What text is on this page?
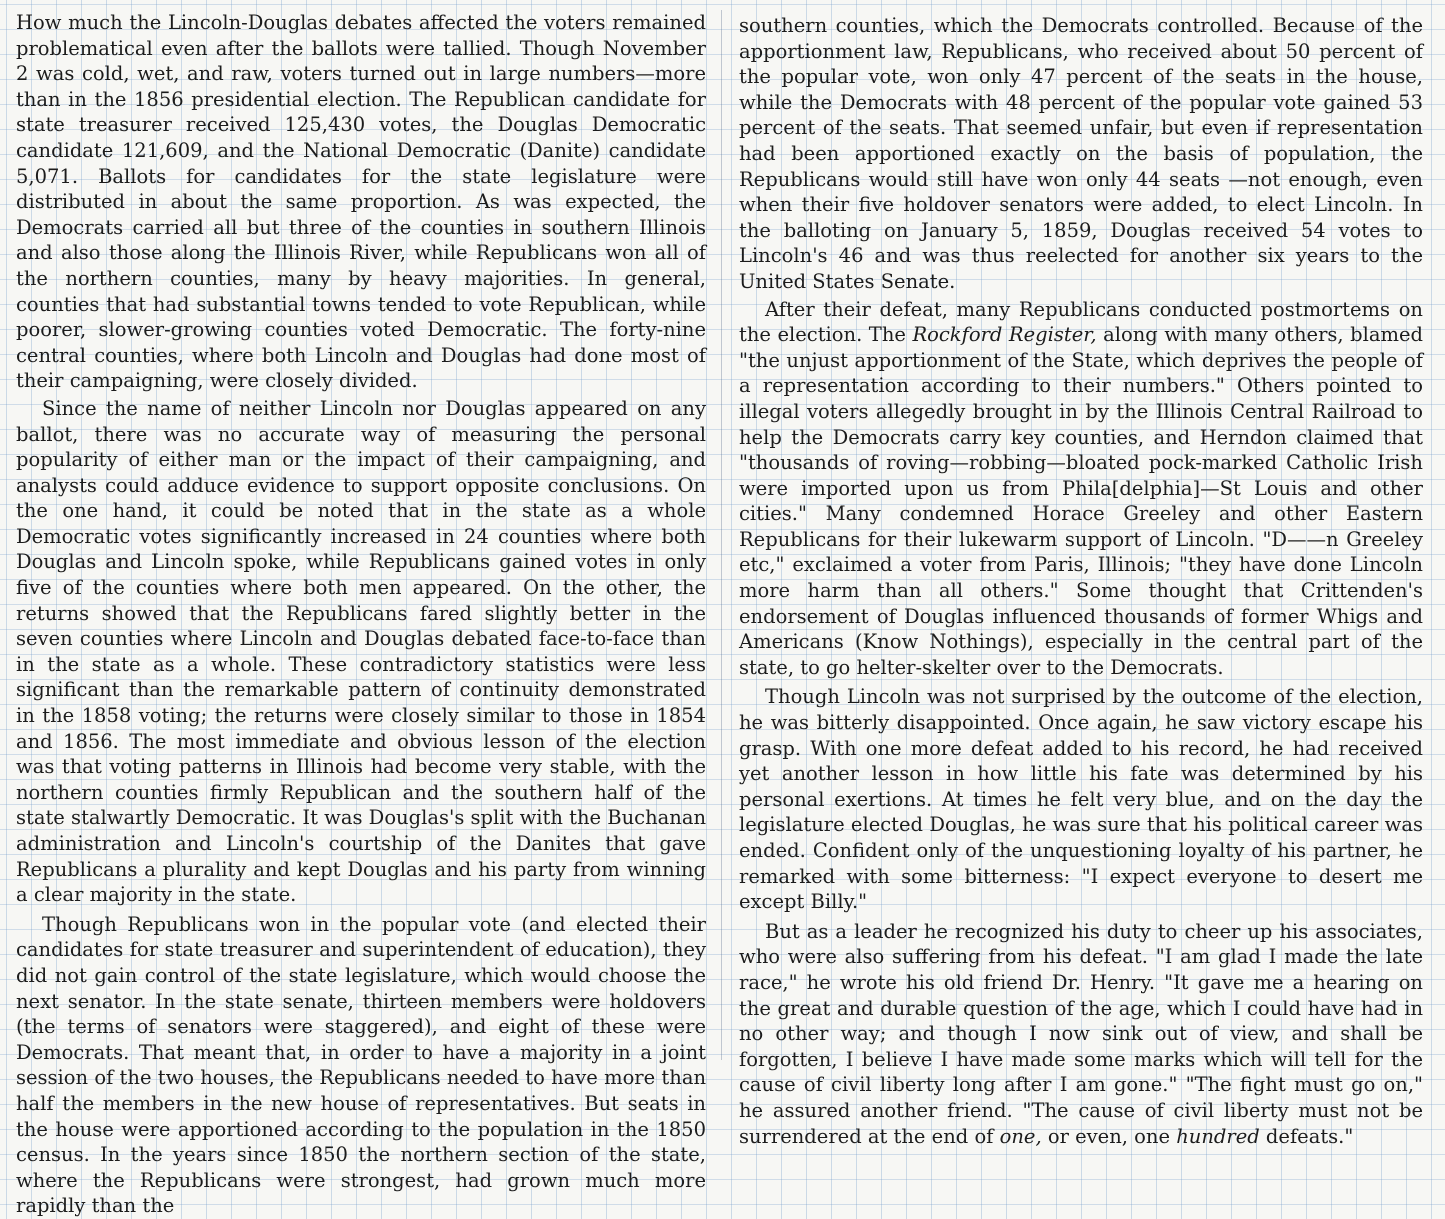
How much the Lincoln-Douglas debates affected the voters remained problematical even after the ballots were tallied. Though November 2 was cold, wet, and raw, voters turned out in large numbers—more than in the 1856 presidential election. The Republican candidate for state treasurer received 125,430 votes, the Douglas Democratic candidate 121,609, and the National Democratic (Danite) candidate 5,071. Ballots for candidates for the state legislature were distributed in about the same proportion. As was expected, the Democrats carried all but three of the counties in southern Illinois and also those along the Illinois River, while Republicans won all of the northern counties, many by heavy majorities. In general, counties that had substantial towns tended to vote Republican, while poorer, slower-growing counties voted Democratic. The forty-nine central counties, where both Lincoln and Douglas had done most of their campaigning, were closely divided.

Since the name of neither Lincoln nor Douglas appeared on any ballot, there was no accurate way of measuring the personal popularity of either man or the impact of their campaigning, and analysts could adduce evidence to support opposite conclusions. On the one hand, it could be noted that in the state as a whole Democratic votes significantly increased in 24 counties where both Douglas and Lincoln spoke, while Republicans gained votes in only five of the counties where both men appeared. On the other, the returns showed that the Republicans fared slightly better in the seven counties where Lincoln and Douglas debated face-to-face than in the state as a whole. These contradictory statistics were less significant than the remarkable pattern of continuity demonstrated in the 1858 voting; the returns were closely similar to those in 1854 and 1856. The most immediate and obvious lesson of the election was that voting patterns in Illinois had become very stable, with the northern counties firmly Republican and the southern half of the state stalwartly Democratic. It was Douglas's split with the Buchanan administration and Lincoln's courtship of the Danites that gave Republicans a plurality and kept Douglas and his party from winning a clear majority in the state.

Though Republicans won in the popular vote (and elected their candidates for state treasurer and superintendent of education), they did not gain control of the state legislature, which would choose the next senator. In the state senate, thirteen members were holdovers (the terms of senators were staggered), and eight of these were Democrats. That meant that, in order to have a majority in a joint session of the two houses, the Republicans needed to have more than half the members in the new house of representatives. But seats in the house were apportioned according to the population in the 1850 census. In the years since 1850 the northern section of the state, where the Republicans were strongest, had grown much more rapidly than the

southern counties, which the Democrats controlled. Because of the apportionment law, Republicans, who received about 50 percent of the popular vote, won only 47 percent of the seats in the house, while the Democrats with 48 percent of the popular vote gained 53 percent of the seats. That seemed unfair, but even if representation had been apportioned exactly on the basis of population, the Republicans would still have won only 44 seats —not enough, even when their five holdover senators were added, to elect Lincoln. In the balloting on January 5, 1859, Douglas received 54 votes to Lincoln's 46 and was thus reelected for another six years to the United States Senate.

After their defeat, many Republicans conducted postmortems on the election. The Rockford Register, along with many others, blamed "the unjust apportionment of the State, which deprives the people of a representation according to their numbers." Others pointed to illegal voters allegedly brought in by the Illinois Central Railroad to help the Democrats carry key counties, and Herndon claimed that "thousands of roving—robbing—bloated pock-marked Catholic Irish were imported upon us from Phila[delphia]—St Louis and other cities." Many condemned Horace Greeley and other Eastern Republicans for their lukewarm support of Lincoln. "D——n Greeley etc," exclaimed a voter from Paris, Illinois; "they have done Lincoln more harm than all others." Some thought that Crittenden's endorsement of Douglas influenced thousands of former Whigs and Americans (Know Nothings), especially in the central part of the state, to go helter-skelter over to the Democrats.

Though Lincoln was not surprised by the outcome of the election, he was bitterly disappointed. Once again, he saw victory escape his grasp. With one more defeat added to his record, he had received yet another lesson in how little his fate was determined by his personal exertions. At times he felt very blue, and on the day the legislature elected Douglas, he was sure that his political career was ended. Confident only of the unquestioning loyalty of his partner, he remarked with some bitterness: "I expect everyone to desert me except Billy."

But as a leader he recognized his duty to cheer up his associates, who were also suffering from his defeat. "I am glad I made the late race," he wrote his old friend Dr. Henry. "It gave me a hearing on the great and durable question of the age, which I could have had in no other way; and though I now sink out of view, and shall be forgotten, I believe I have made some marks which will tell for the cause of civil liberty long after I am gone." "The fight must go on," he assured another friend. "The cause of civil liberty must not be surrendered at the end of one, or even, one hundred defeats."
